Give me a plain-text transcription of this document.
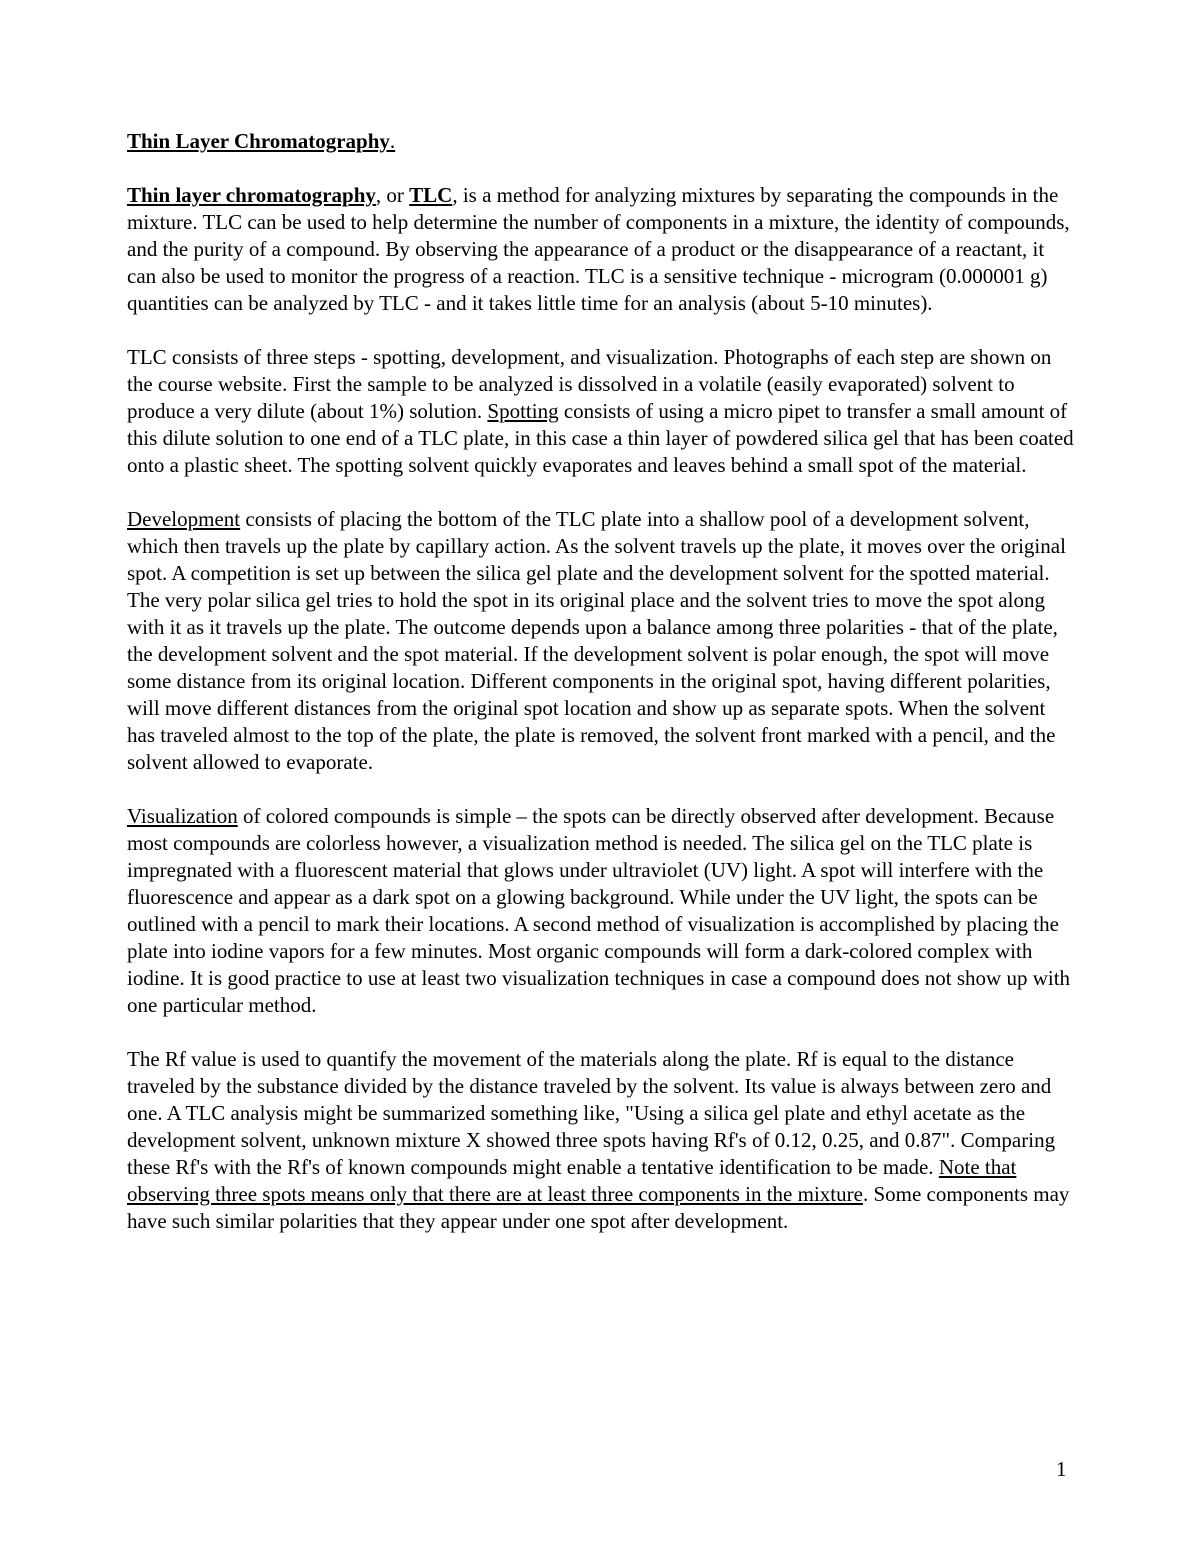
Thin Layer Chromatography.

Thin layer chromatography, or TLC, is a method for analyzing mixtures by separating the compounds in the mixture. TLC can be used to help determine the number of components in a mixture, the identity of compounds, and the purity of a compound. By observing the appearance of a product or the disappearance of a reactant, it can also be used to monitor the progress of a reaction. TLC is a sensitive technique - microgram (0.000001 g) quantities can be analyzed by TLC - and it takes little time for an analysis (about 5-10 minutes).

TLC consists of three steps - spotting, development, and visualization. Photographs of each step are shown on the course website. First the sample to be analyzed is dissolved in a volatile (easily evaporated) solvent to produce a very dilute (about 1%) solution. Spotting consists of using a micro pipet to transfer a small amount of this dilute solution to one end of a TLC plate, in this case a thin layer of powdered silica gel that has been coated onto a plastic sheet. The spotting solvent quickly evaporates and leaves behind a small spot of the material.

Development consists of placing the bottom of the TLC plate into a shallow pool of a development solvent, which then travels up the plate by capillary action. As the solvent travels up the plate, it moves over the original spot. A competition is set up between the silica gel plate and the development solvent for the spotted material. The very polar silica gel tries to hold the spot in its original place and the solvent tries to move the spot along with it as it travels up the plate. The outcome depends upon a balance among three polarities - that of the plate, the development solvent and the spot material. If the development solvent is polar enough, the spot will move some distance from its original location. Different components in the original spot, having different polarities, will move different distances from the original spot location and show up as separate spots. When the solvent has traveled almost to the top of the plate, the plate is removed, the solvent front marked with a pencil, and the solvent allowed to evaporate.

Visualization of colored compounds is simple – the spots can be directly observed after development. Because most compounds are colorless however, a visualization method is needed. The silica gel on the TLC plate is impregnated with a fluorescent material that glows under ultraviolet (UV) light. A spot will interfere with the fluorescence and appear as a dark spot on a glowing background. While under the UV light, the spots can be outlined with a pencil to mark their locations. A second method of visualization is accomplished by placing the plate into iodine vapors for a few minutes. Most organic compounds will form a dark-colored complex with iodine. It is good practice to use at least two visualization techniques in case a compound does not show up with one particular method.

The Rf value is used to quantify the movement of the materials along the plate. Rf is equal to the distance traveled by the substance divided by the distance traveled by the solvent. Its value is always between zero and one. A TLC analysis might be summarized something like, "Using a silica gel plate and ethyl acetate as the development solvent, unknown mixture X showed three spots having Rf's of 0.12, 0.25, and 0.87". Comparing these Rf's with the Rf's of known compounds might enable a tentative identification to be made. Note that observing three spots means only that there are at least three components in the mixture. Some components may have such similar polarities that they appear under one spot after development.

1
